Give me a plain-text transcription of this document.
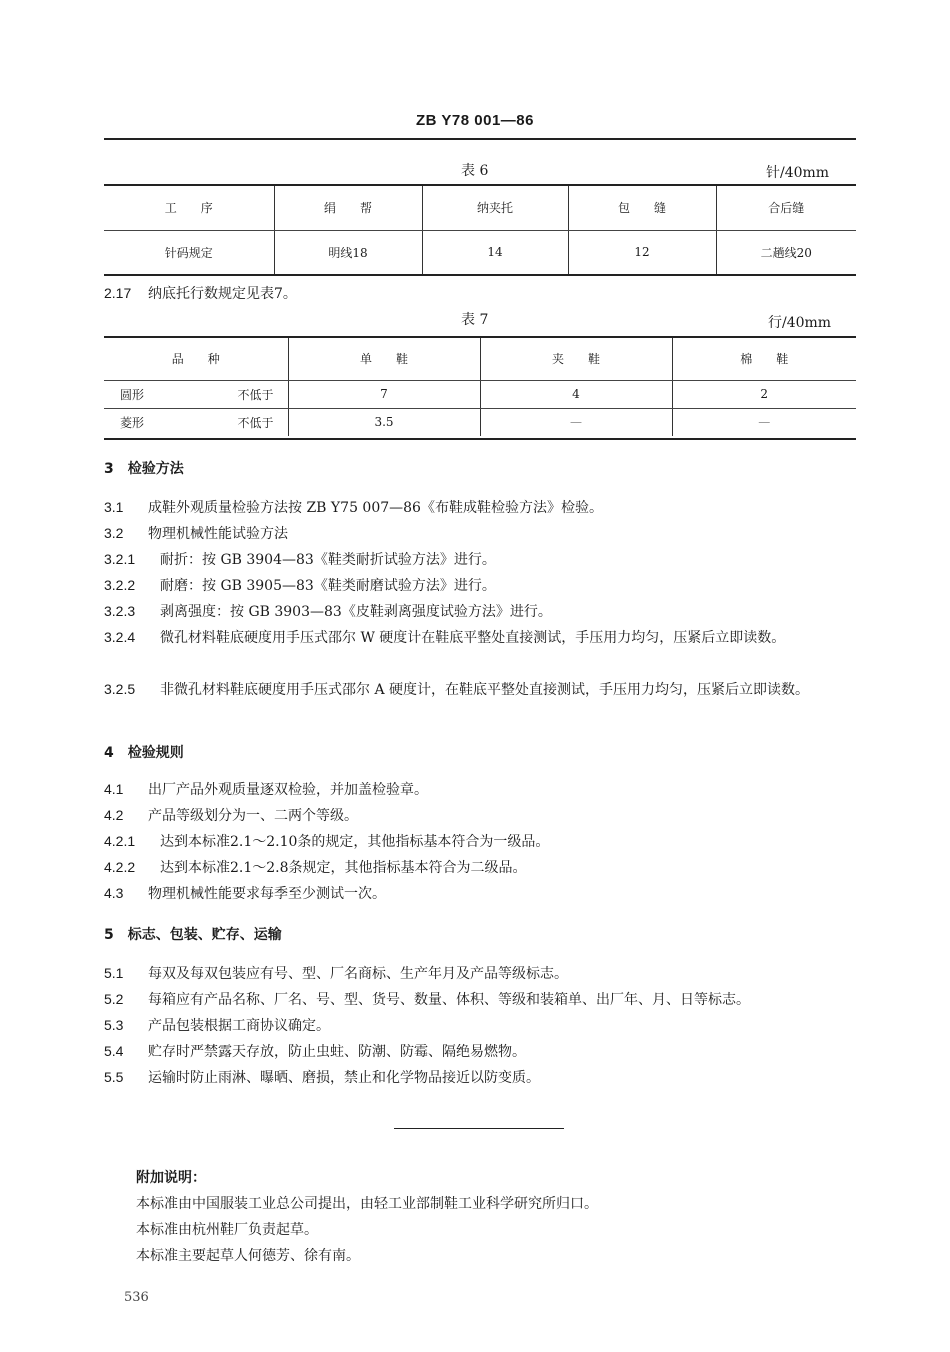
ZB Y78 001—86
表 6	针/40mm
工　　序	绢　　帮	纳夹托	包　　缝	合后缝
针码规定	明线18	14	12	二趟线20
2.17 纳底托行数规定见表7。
表 7	行/40mm
品　　种		单　　鞋	夹　　鞋	棉　　鞋
圆形	不低于	7	4	2
菱形	不低于	3.5	—	—
3　检验方法
3.1 成鞋外观质量检验方法按 ZB Y75 007—86《布鞋成鞋检验方法》检验。
3.2 物理机械性能试验方法
3.2.1 耐折：按 GB 3904—83《鞋类耐折试验方法》进行。
3.2.2 耐磨：按 GB 3905—83《鞋类耐磨试验方法》进行。
3.2.3 剥离强度：按 GB 3903—83《皮鞋剥离强度试验方法》进行。
3.2.4 微孔材料鞋底硬度用手压式邵尔 W 硬度计在鞋底平整处直接测试，手压用力均匀，压紧后立即读数。
3.2.5 非微孔材料鞋底硬度用手压式邵尔 A 硬度计，在鞋底平整处直接测试，手压用力均匀，压紧后立即读数。
4　检验规则
4.1 出厂产品外观质量逐双检验，并加盖检验章。
4.2 产品等级划分为一、二两个等级。
4.2.1 达到本标准2.1～2.10条的规定，其他指标基本符合为一级品。
4.2.2 达到本标准2.1～2.8条规定，其他指标基本符合为二级品。
4.3 物理机械性能要求每季至少测试一次。
5　标志、包装、贮存、运输
5.1 每双及每双包装应有号、型、厂名商标、生产年月及产品等级标志。
5.2 每箱应有产品名称、厂名、号、型、货号、数量、体积、等级和装箱单、出厂年、月、日等标志。
5.3 产品包装根据工商协议确定。
5.4 贮存时严禁露天存放，防止虫蛀、防潮、防霉、隔绝易燃物。
5.5 运输时防止雨淋、曝晒、磨损，禁止和化学物品接近以防变质。
附加说明：
本标准由中国服装工业总公司提出，由轻工业部制鞋工业科学研究所归口。
本标准由杭州鞋厂负责起草。
本标准主要起草人何德芳、徐有南。
536
